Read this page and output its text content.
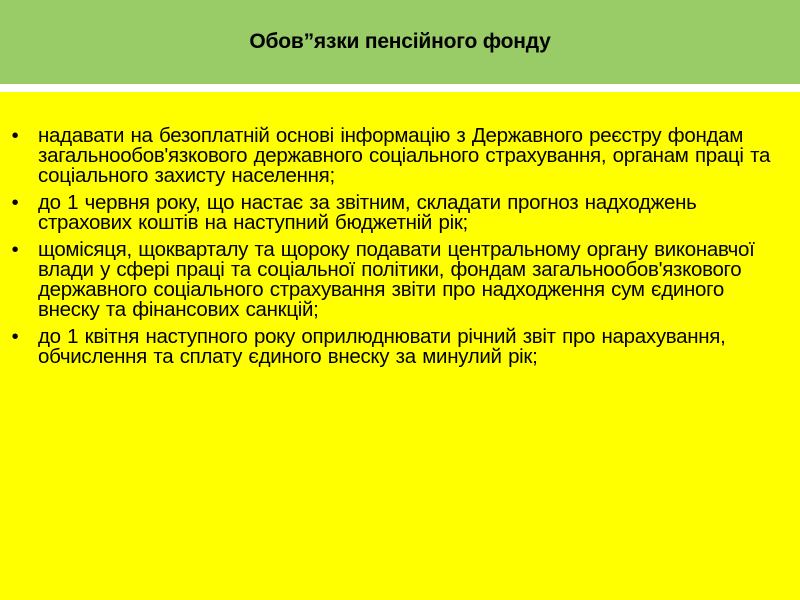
Обов”язки пенсійного фонду
• надавати на безоплатній основі інформацію з Державного реєстру фондам загальнообов'язкового державного соціального страхування, органам праці та соціального захисту населення;
• до 1 червня року, що настає за звітним, складати прогноз надходжень страхових коштів на наступний бюджетній рік;
• щомісяця, щокварталу та щороку подавати центральному органу виконавчої влади у сфері праці та соціальної політики, фондам загальнообов'язкового державного соціального страхування звіти про надходження сум єдиного внеску та фінансових санкцій;
• до 1 квітня наступного року оприлюднювати річний звіт про нарахування, обчислення та сплату єдиного внеску за минулий рік;
